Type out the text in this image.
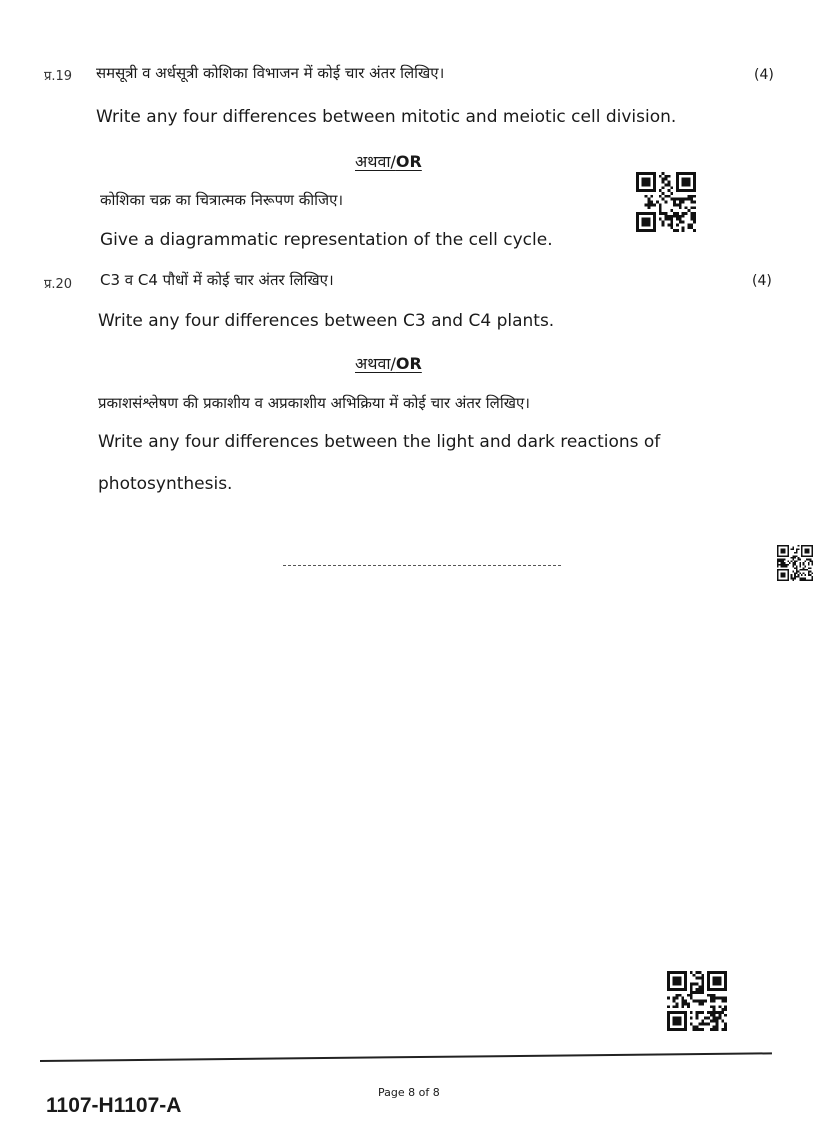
प्र.19 समसूत्री व अर्धसूत्री कोशिका विभाजन में कोई चार अंतर लिखिए।	(4)
Write any four differences between mitotic and meiotic cell division.
अथवा/OR
कोशिका चक्र का चित्रात्मक निरूपण कीजिए।
Give a diagrammatic representation of the cell cycle.
प्र.20 C3 व C4 पौधों में कोई चार अंतर लिखिए।	(4)
Write any four differences between C3 and C4 plants.
अथवा/OR
प्रकाशसंश्लेषण की प्रकाशीय व अप्रकाशीय अभिक्रिया में कोई चार अंतर लिखिए।
Write any four differences between the light and dark reactions of
photosynthesis.
1107-H1107-A
Page 8 of 8
